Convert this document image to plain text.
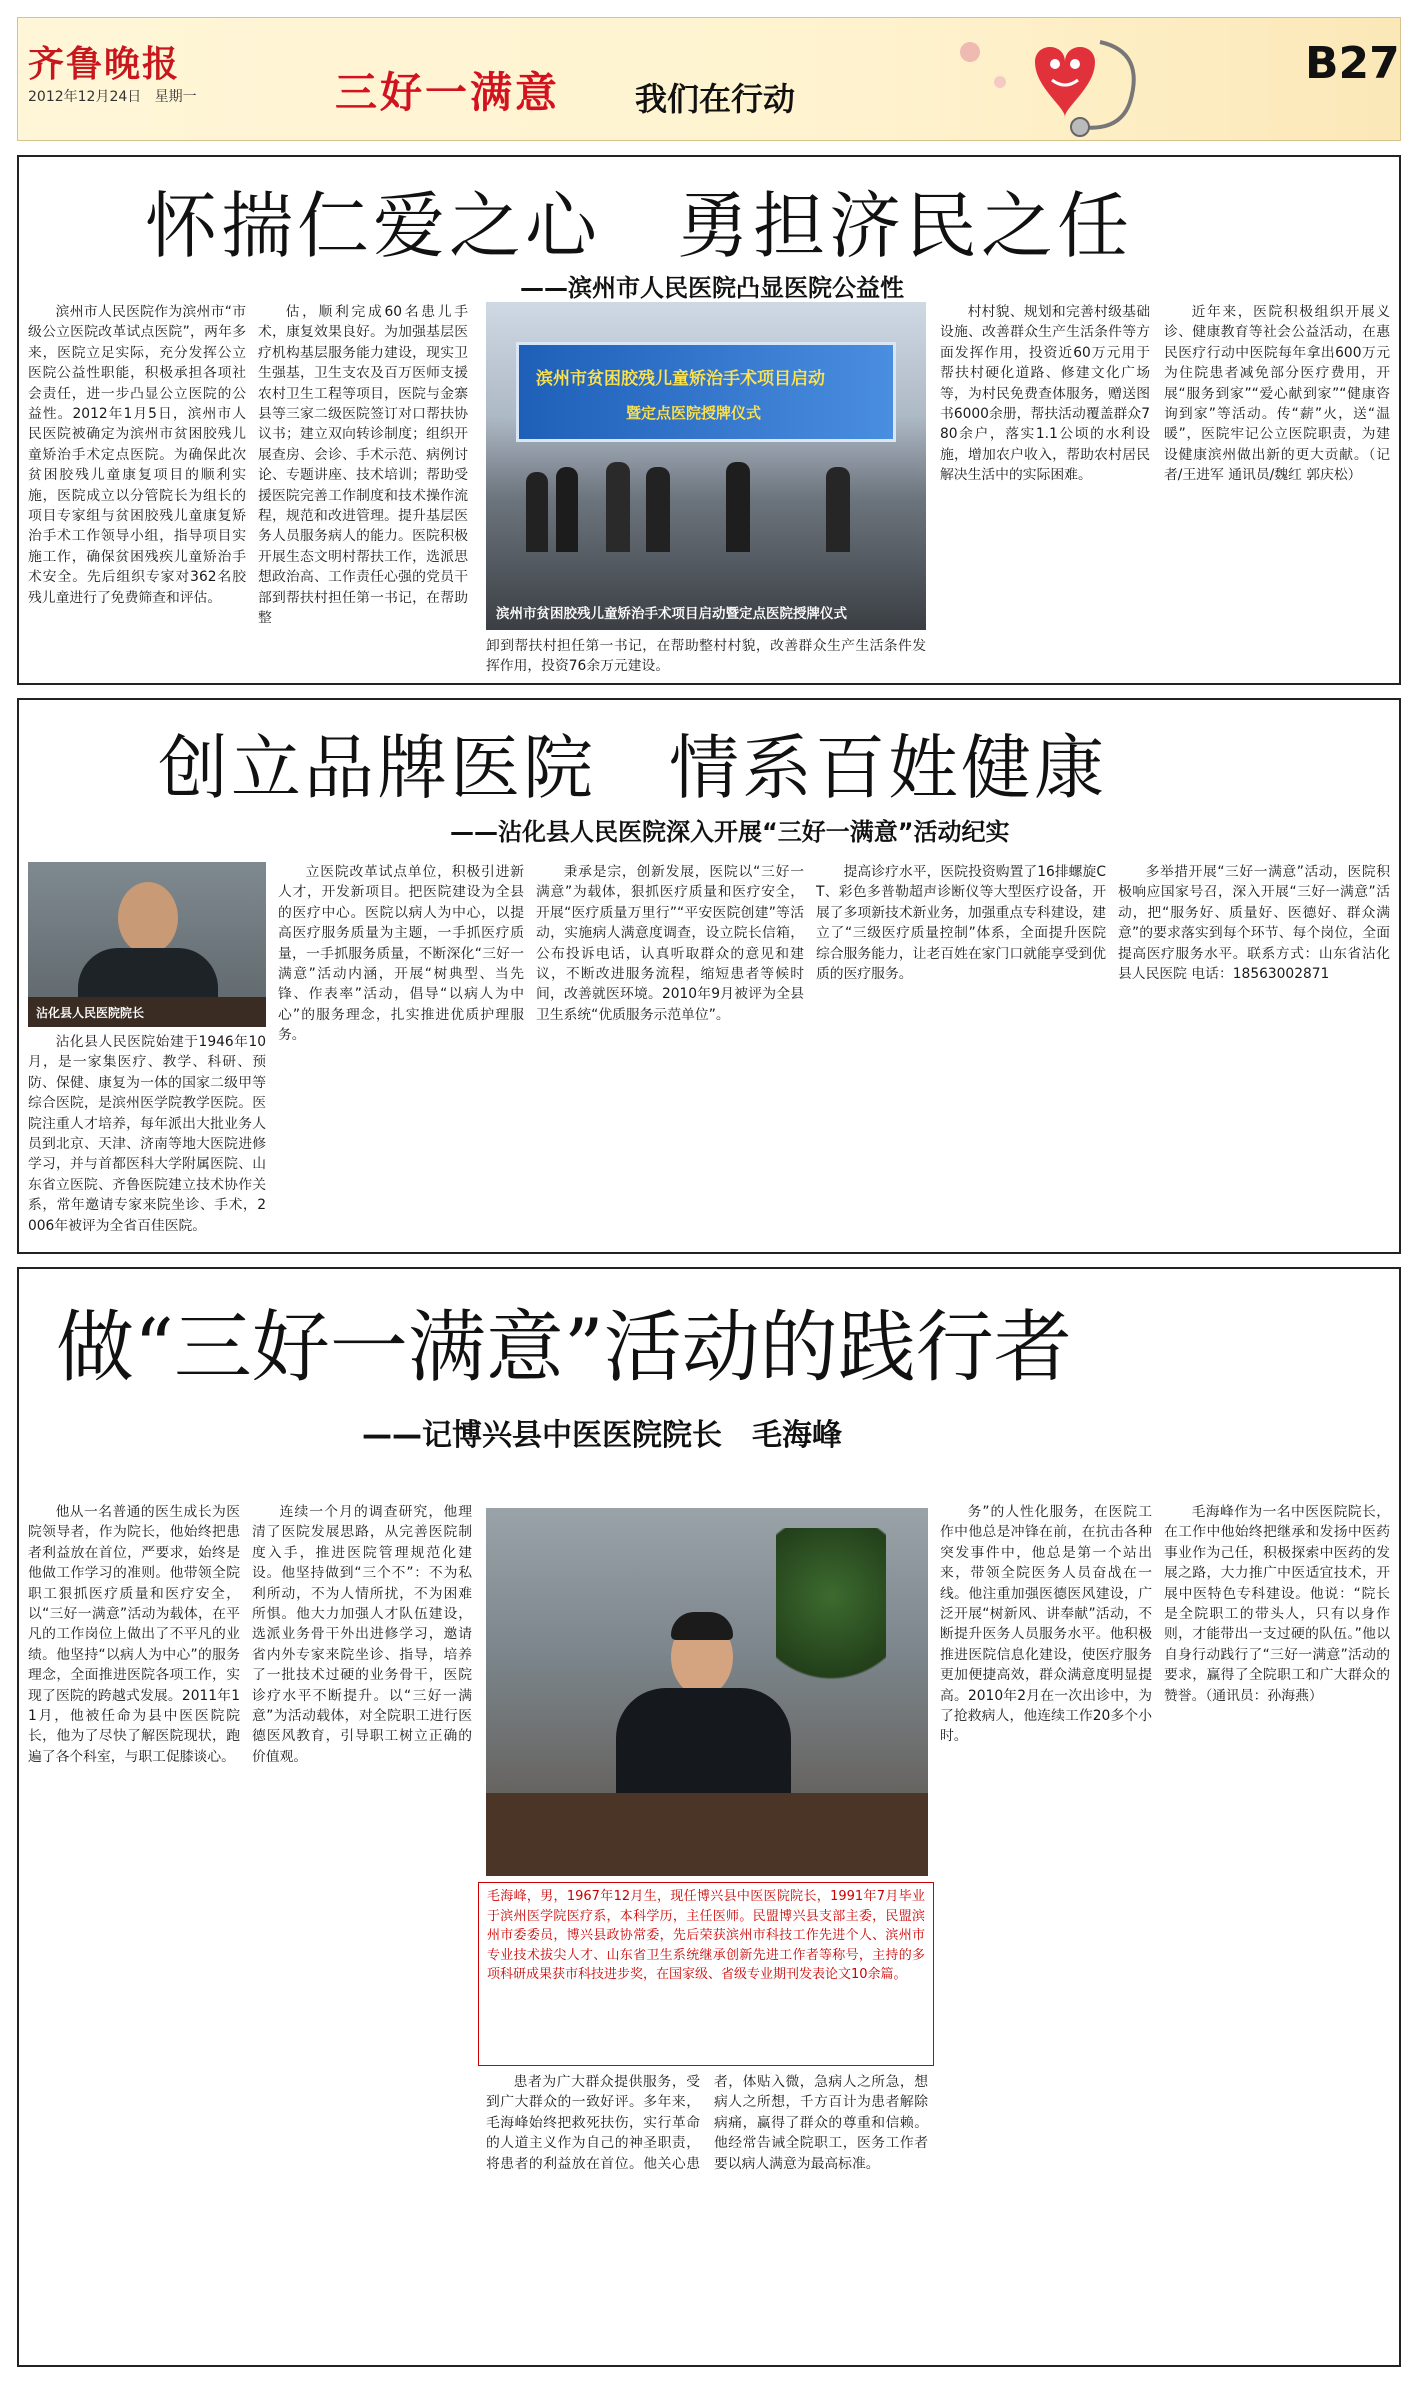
齐鲁晚报
2012年12月24日 星期一	三好一满意 我们在行动
B27
怀揣仁爱之心　勇担济民之任
——滨州市人民医院凸显医院公益性

滨州市人民医院作为滨州市“市级公立医院改革试点医院”，两年多来，医院立足实际，充分发挥公立医院公益性职能，积极承担各项社会责任，进一步凸显公立医院的公益性。2012年1月5日，滨州市人民医院被确定为滨州市贫困胶残儿童矫治手术定点医院。为确保此次贫困胶残儿童康复项目的顺利实施，医院成立以分管院长为组长的项目专家组与贫困胶残儿童康复矫治手术工作领导小组，指导项目实施工作，确保贫困残疾儿童矫治手术安全。先后组织专家对362名胶残儿童进行了免费筛查和评估。

估，顺利完成60名患儿手术，康复效果良好。为加强基层医疗机构基层服务能力建设，现实卫生强基，卫生支农及百万医师支援农村卫生工程等项目，医院与金寨县等三家二级医院签订对口帮扶协议书；建立双向转诊制度；组织开展查房、会诊、手术示范、病例讨论、专题讲座、技术培训；帮助受援医院完善工作制度和技术操作流程，规范和改进管理。提升基层医务人员服务病人的能力。医院积极开展生态文明村帮扶工作，选派思想政治高、工作责任心强的党员干部到帮扶村担任第一书记，在帮助整

滨州市贫困胶残儿童矫治手术项目启动
暨定点医院授牌仪式
滨州市贫困胶残儿童矫治手术项目启动暨定点医院授牌仪式

卸到帮扶村担任第一书记，在帮助整村村貌，改善群众生产生活条件发挥作用，投资76余万元建设。

村村貌、规划和完善村级基础设施、改善群众生产生活条件等方面发挥作用，投资近60万元用于帮扶村硬化道路、修建文化广场等，为村民免费查体服务，赠送图书6000余册，帮扶活动覆盖群众780余户，落实1.1公顷的水利设施，增加农户收入，帮助农村居民解决生活中的实际困难。

近年来，医院积极组织开展义诊、健康教育等社会公益活动，在惠民医疗行动中医院每年拿出600万元为住院患者减免部分医疗费用，开展“服务到家”“爱心献到家”“健康咨询到家”等活动。传“薪”火，送“温暖”，医院牢记公立医院职责，为建设健康滨州做出新的更大贡献。（记者/王进军 通讯员/魏红 郭庆松）

创立品牌医院　情系百姓健康
——沾化县人民医院深入开展“三好一满意”活动纪实
沾化县人民医院院长

沾化县人民医院始建于1946年10月，是一家集医疗、教学、科研、预防、保健、康复为一体的国家二级甲等综合医院，是滨州医学院教学医院。医院注重人才培养，每年派出大批业务人员到北京、天津、济南等地大医院进修学习，并与首都医科大学附属医院、山东省立医院、齐鲁医院建立技术协作关系，常年邀请专家来院坐诊、手术，2006年被评为全省百佳医院。

立医院改革试点单位，积极引进新人才，开发新项目。把医院建设为全县的医疗中心。医院以病人为中心，以提高医疗服务质量为主题，一手抓医疗质量，一手抓服务质量，不断深化“三好一满意”活动内涵，开展“树典型、当先锋、作表率”活动，倡导“以病人为中心”的服务理念，扎实推进优质护理服务。

秉承是宗，创新发展，医院以“三好一满意”为载体，狠抓医疗质量和医疗安全，开展“医疗质量万里行”“平安医院创建”等活动，实施病人满意度调查，设立院长信箱，公布投诉电话，认真听取群众的意见和建议，不断改进服务流程，缩短患者等候时间，改善就医环境。2010年9月被评为全县卫生系统“优质服务示范单位”。

提高诊疗水平，医院投资购置了16排螺旋CT、彩色多普勒超声诊断仪等大型医疗设备，开展了多项新技术新业务，加强重点专科建设，建立了“三级医疗质量控制”体系，全面提升医院综合服务能力，让老百姓在家门口就能享受到优质的医疗服务。

多举措开展“三好一满意”活动，医院积极响应国家号召，深入开展“三好一满意”活动，把“服务好、质量好、医德好、群众满意”的要求落实到每个环节、每个岗位，全面提高医疗服务水平。联系方式：山东省沾化县人民医院 电话：18563002871

做“三好一满意”活动的践行者
——记博兴县中医医院院长　毛海峰

他从一名普通的医生成长为医院领导者，作为院长，他始终把患者利益放在首位，严要求，始终是他做工作学习的准则。他带领全院职工狠抓医疗质量和医疗安全，以“三好一满意”活动为载体，在平凡的工作岗位上做出了不平凡的业绩。他坚持“以病人为中心”的服务理念，全面推进医院各项工作，实现了医院的跨越式发展。2011年11月，他被任命为县中医医院院长，他为了尽快了解医院现状，跑遍了各个科室，与职工促膝谈心。

连续一个月的调查研究，他理清了医院发展思路，从完善医院制度入手，推进医院管理规范化建设。他坚持做到“三个不”：不为私利所动，不为人情所扰，不为困难所惧。他大力加强人才队伍建设，选派业务骨干外出进修学习，邀请省内外专家来院坐诊、指导，培养了一批技术过硬的业务骨干，医院诊疗水平不断提升。以“三好一满意”为活动载体，对全院职工进行医德医风教育，引导职工树立正确的价值观。

毛海峰，男，1967年12月生，现任博兴县中医医院院长，1991年7月毕业于滨州医学院医疗系，本科学历，主任医师。民盟博兴县支部主委，民盟滨州市委委员，博兴县政协常委，先后荣获滨州市科技工作先进个人、滨州市专业技术拔尖人才、山东省卫生系统继承创新先进工作者等称号，主持的多项科研成果获市科技进步奖，在国家级、省级专业期刊发表论文10余篇。

患者为广大群众提供服务，受到广大群众的一致好评。多年来，毛海峰始终把救死扶伤，实行革命的人道主义作为自己的神圣职责，将患者的利益放在首位。他关心患者，体贴入微，急病人之所急，想病人之所想，千方百计为患者解除病痛，赢得了群众的尊重和信赖。他经常告诫全院职工，医务工作者要以病人满意为最高标准。

务”的人性化服务，在医院工作中他总是冲锋在前，在抗击各种突发事件中，他总是第一个站出来，带领全院医务人员奋战在一线。他注重加强医德医风建设，广泛开展“树新风、讲奉献”活动，不断提升医务人员服务水平。他积极推进医院信息化建设，使医疗服务更加便捷高效，群众满意度明显提高。2010年2月在一次出诊中，为了抢救病人，他连续工作20多个小时。

毛海峰作为一名中医医院院长，在工作中他始终把继承和发扬中医药事业作为己任，积极探索中医药的发展之路，大力推广中医适宜技术，开展中医特色专科建设。他说：“院长是全院职工的带头人，只有以身作则，才能带出一支过硬的队伍。”他以自身行动践行了“三好一满意”活动的要求，赢得了全院职工和广大群众的赞誉。（通讯员：孙海燕）
